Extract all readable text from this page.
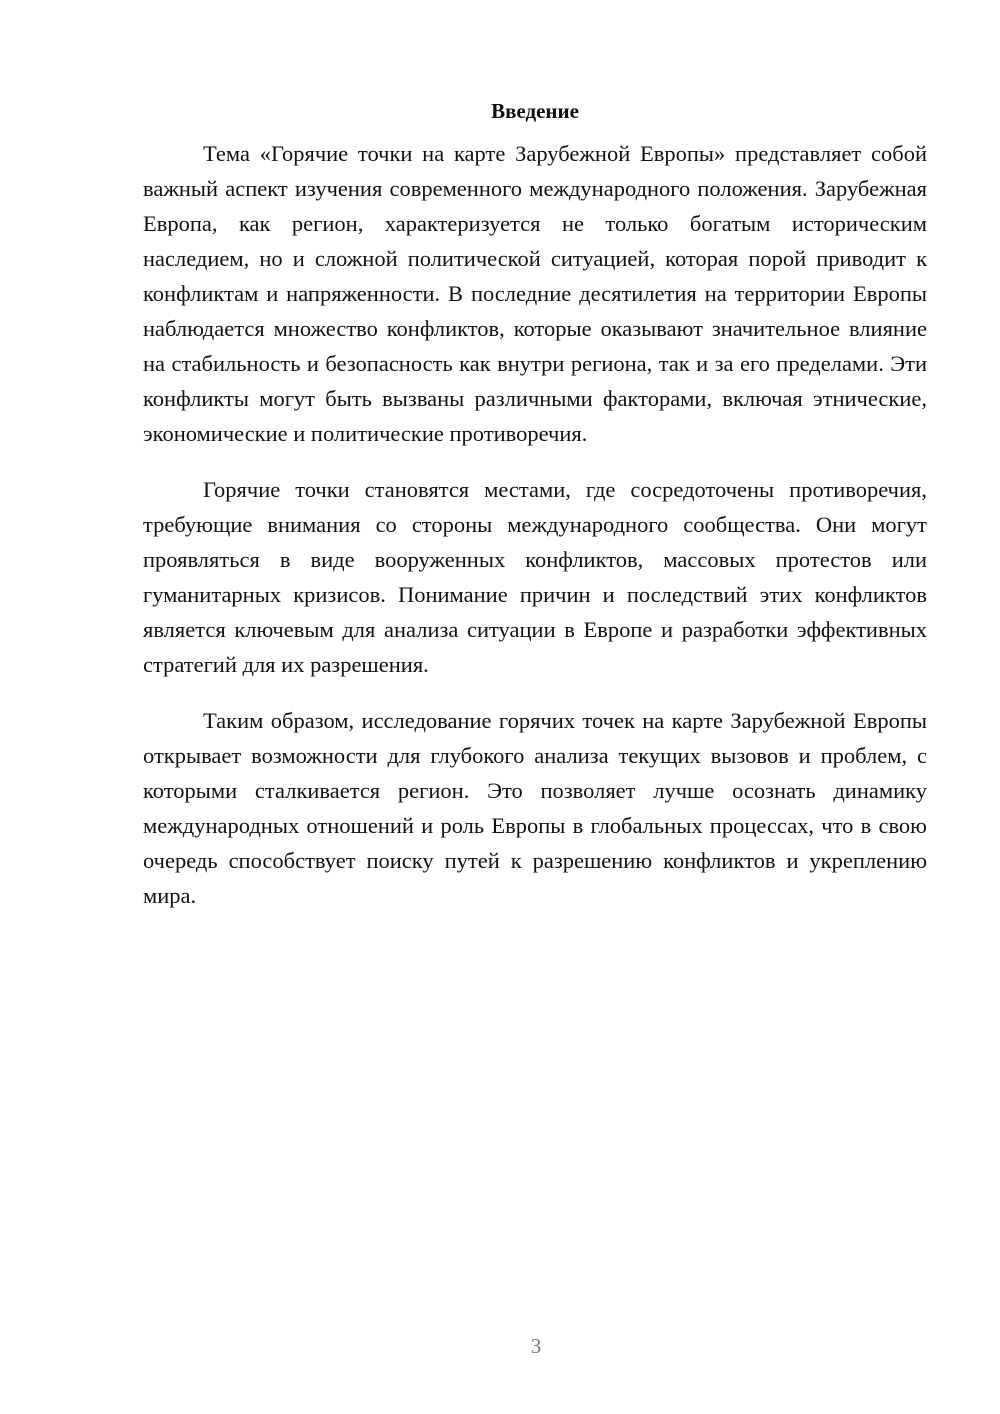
Введение

Тема «Горячие точки на карте Зарубежной Европы» представляет собой важный аспект изучения современного международного положения. Зарубежная Европа, как регион, характеризуется не только богатым историческим наследием, но и сложной политической ситуацией, которая порой приводит к конфликтам и напряженности. В последние десятилетия на территории Европы наблюдается множество конфликтов, которые оказывают значительное влияние на стабильность и безопасность как внутри региона, так и за его пределами. Эти конфликты могут быть вызваны различными факторами, включая этнические, экономические и политические противоречия.

Горячие точки становятся местами, где сосредоточены противоречия, требующие внимания со стороны международного сообщества. Они могут проявляться в виде вооруженных конфликтов, массовых протестов или гуманитарных кризисов. Понимание причин и последствий этих конфликтов является ключевым для анализа ситуации в Европе и разработки эффективных стратегий для их разрешения.

Таким образом, исследование горячих точек на карте Зарубежной Европы открывает возможности для глубокого анализа текущих вызовов и проблем, с которыми сталкивается регион. Это позволяет лучше осознать динамику международных отношений и роль Европы в глобальных процессах, что в свою очередь способствует поиску путей к разрешению конфликтов и укреплению мира.

3
